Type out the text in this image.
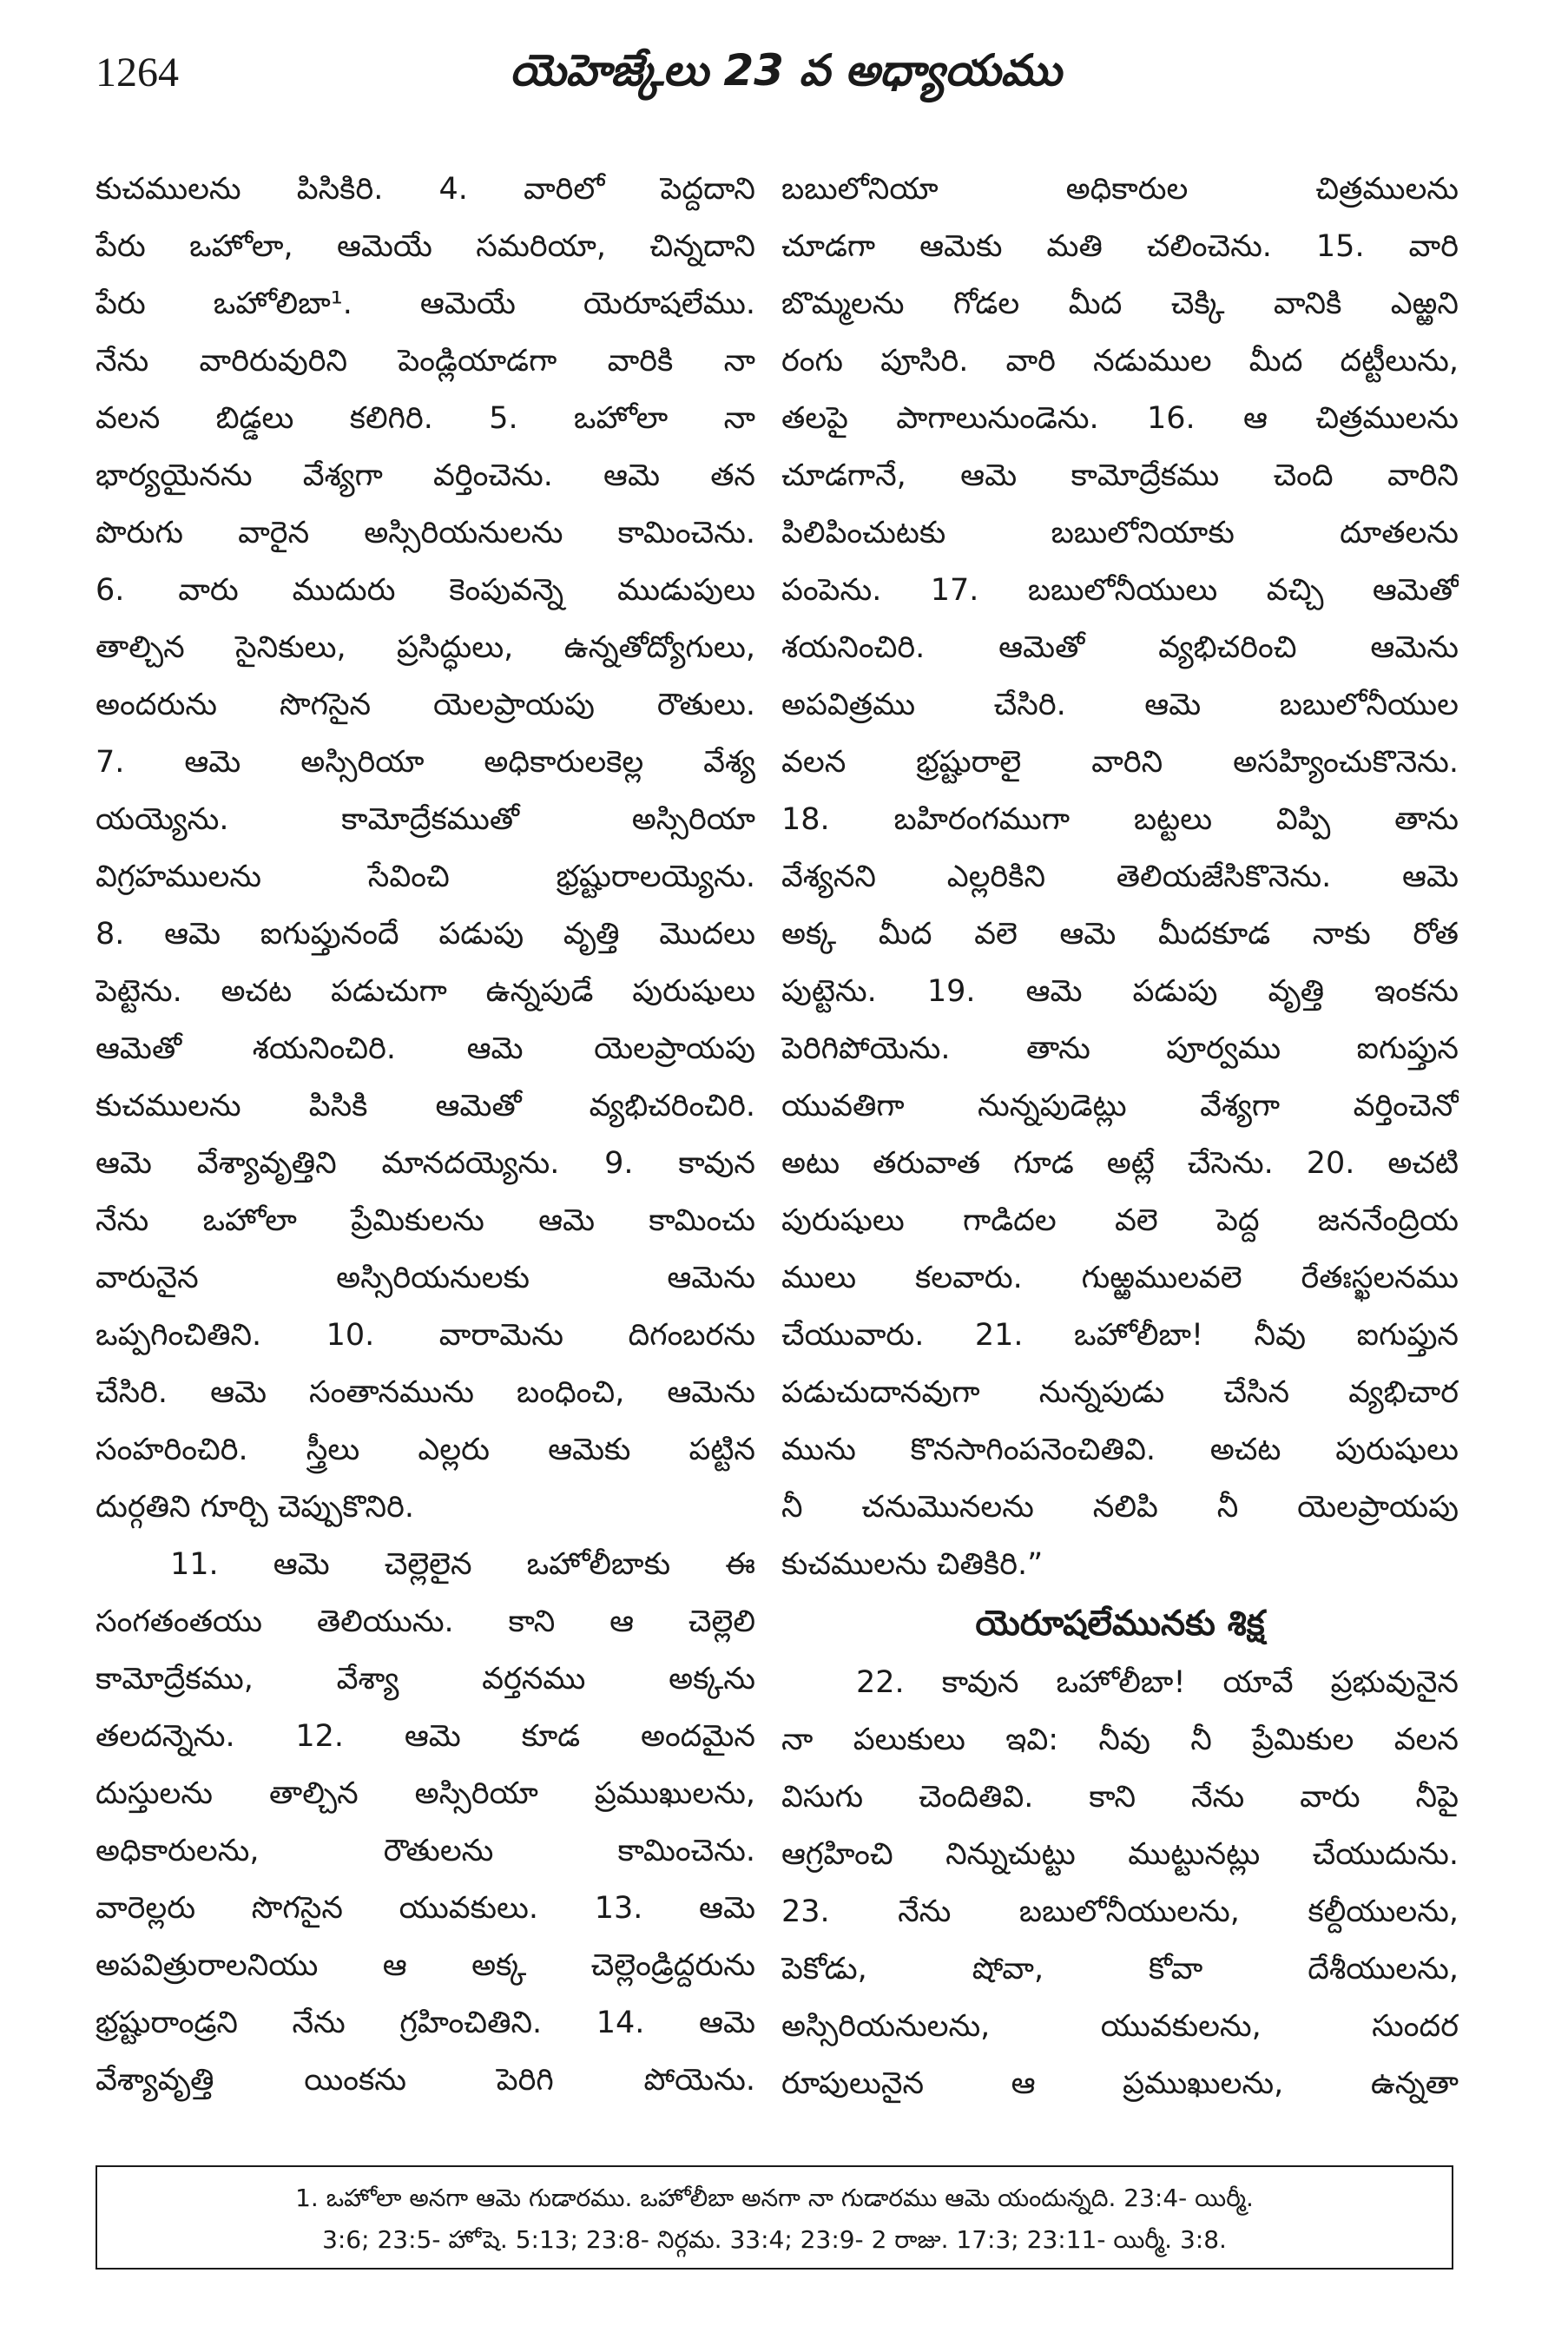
1264	యెహెజ్కేలు 23 వ అధ్యాయము
కుచములను పిసికిరి. 4. వారిలో పెద్దదాని
పేరు ఒహోలా, ఆమెయే సమరియా, చిన్నదాని
పేరు ఒహోలిబా¹. ఆమెయే యెరూషలేము.
నేను వారిరువురిని పెండ్లియాడగా వారికి నా
వలన బిడ్డలు కలిగిరి. 5. ఒహోలా నా
భార్యయైనను వేశ్యగా వర్తించెను. ఆమె తన
పొరుగు వారైన అస్సిరియనులను కామించెను.
6. వారు ముదురు కెంపువన్నె ముడుపులు
తాల్చిన సైనికులు, ప్రసిద్ధులు, ఉన్నతోద్యోగులు,
అందరును సొగసైన యెలప్రాయపు రౌతులు.
7. ఆమె అస్సిరియా అధికారులకెల్ల వేశ్య
యయ్యెను. కామోద్రేకముతో అస్సిరియా
విగ్రహములను సేవించి భ్రష్టురాలయ్యెను.
8. ఆమె ఐగుప్తునందే పడుపు వృత్తి మొదలు
పెట్టెను. అచట పడుచుగా ఉన్నపుడే పురుషులు
ఆమెతో శయనించిరి. ఆమె యెలప్రాయపు
కుచములను పిసికి ఆమెతో వ్యభిచరించిరి.
ఆమె వేశ్యావృత్తిని మానదయ్యెను. 9. కావున
నేను ఒహోలా ప్రేమికులను ఆమె కామించు
వారునైన అస్సిరియనులకు ఆమెను
ఒప్పగించితిని. 10. వారామెను దిగంబరను
చేసిరి. ఆమె సంతానమును బంధించి, ఆమెను
సంహరించిరి. స్త్రీలు ఎల్లరు ఆమెకు పట్టిన
దుర్గతిని గూర్చి చెప్పుకొనిరి.
11. ఆమె చెల్లెలైన ఒహోలీబాకు ఈ
సంగతంతయు తెలియును. కాని ఆ చెల్లెలి
కామోద్రేకము, వేశ్యా వర్తనము అక్కను
తలదన్నెను. 12. ఆమె కూడ అందమైన
దుస్తులను తాల్చిన అస్సిరియా ప్రముఖులను,
అధికారులను, రౌతులను కామించెను.
వారెల్లరు సొగసైన యువకులు. 13. ఆమె
అపవిత్రురాలనియు ఆ అక్క చెల్లెండ్రిద్దరును
భ్రష్టురాండ్రని నేను గ్రహించితిని. 14. ఆమె
వేశ్యావృత్తి యింకను పెరిగి పోయెను.
బబులోనియా అధికారుల చిత్రములను
చూడగా ఆమెకు మతి చలించెను. 15. వారి
బొమ్మలను గోడల మీద చెక్కి వానికి ఎఱ్ఱని
రంగు పూసిరి. వారి నడుముల మీద దట్టీలును,
తలపై పాగాలునుండెను. 16. ఆ చిత్రములను
చూడగానే, ఆమె కామోద్రేకము చెంది వారిని
పిలిపించుటకు బబులోనియాకు దూతలను
పంపెను. 17. బబులోనీయులు వచ్చి ఆమెతో
శయనించిరి. ఆమెతో వ్యభిచరించి ఆమెను
అపవిత్రము చేసిరి. ఆమె బబులోనీయుల
వలన భ్రష్టురాలై వారిని అసహ్యించుకొనెను.
18. బహిరంగముగా బట్టలు విప్పి తాను
వేశ్యనని ఎల్లరికిని తెలియజేసికొనెను. ఆమె
అక్క మీద వలె ఆమె మీదకూడ నాకు రోత
పుట్టెను. 19. ఆమె పడుపు వృత్తి ఇంకను
పెరిగిపోయెను. తాను పూర్వము ఐగుప్తున
యువతిగా నున్నపుడెట్లు వేశ్యగా వర్తించెనో
అటు తరువాత గూడ అట్లే చేసెను. 20. అచటి
పురుషులు గాడిదల వలె పెద్ద జననేంద్రియ
ములు కలవారు. గుఱ్ఱములవలె రేతఃస్ఖలనము
చేయువారు. 21. ఒహోలీబా! నీవు ఐగుప్తున
పడుచుదానవుగా నున్నపుడు చేసిన వ్యభిచార
మును కొనసాగింపనెంచితివి. అచట పురుషులు
నీ చనుమొనలను నలిపి నీ యెలప్రాయపు
కుచములను చితికిరి.”
యెరూషలేమునకు శిక్ష
22. కావున ఒహోలీబా! యావే ప్రభువునైన
నా పలుకులు ఇవి: నీవు నీ ప్రేమికుల వలన
విసుగు చెందితివి. కాని నేను వారు నీపై
ఆగ్రహించి నిన్నుచుట్టు ముట్టునట్లు చేయుదును.
23. నేను బబులోనీయులను, కల్దీయులను,
పెకోడు, షోవా, కోవా దేశీయులను,
అస్సిరియనులను, యువకులను, సుందర
రూపులునైన ఆ ప్రముఖులను, ఉన్నతా
1. ఒహోలా అనగా ఆమె గుడారము. ఒహోలీబా అనగా నా గుడారము ఆమె యందున్నది. 23:4- యిర్మీ.
3:6; 23:5- హోషె. 5:13; 23:8- నిర్గమ. 33:4; 23:9- 2 రాజు. 17:3; 23:11- యిర్మీ. 3:8.
